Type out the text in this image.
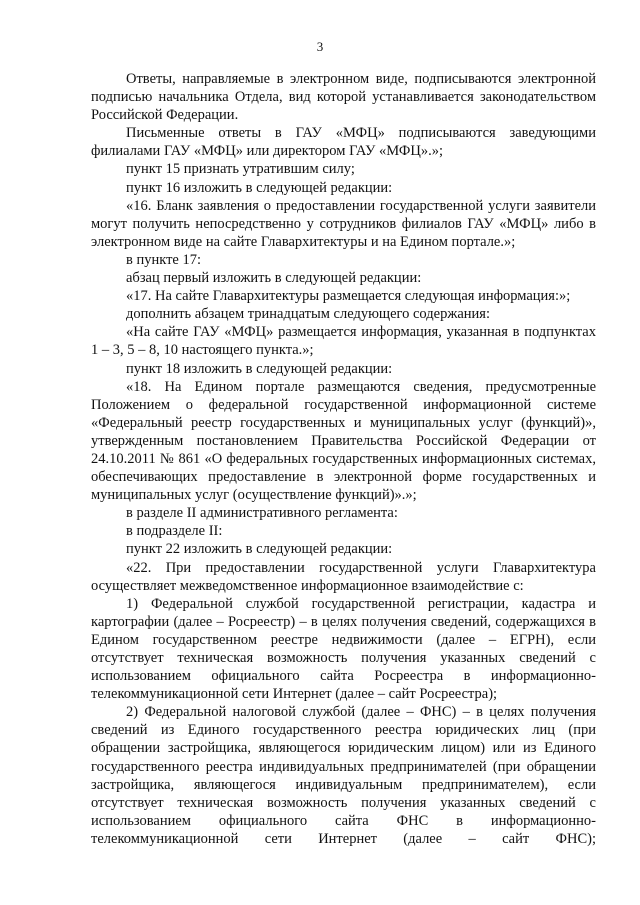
3

Ответы, направляемые в электронном виде, подписываются электронной подписью начальника Отдела, вид которой устанавливается законодательством Российской Федерации.

Письменные ответы в ГАУ «МФЦ» подписываются заведующими филиалами ГАУ «МФЦ» или директором ГАУ «МФЦ».»;

пункт 15 признать утратившим силу;

пункт 16 изложить в следующей редакции:

«16. Бланк заявления о предоставлении государственной услуги заявители могут получить непосредственно у сотрудников филиалов ГАУ «МФЦ» либо в электронном виде на сайте Главархитектуры и на Едином портале.»;

в пункте 17:

абзац первый изложить в следующей редакции:

«17. На сайте Главархитектуры размещается следующая информация:»;

дополнить абзацем тринадцатым следующего содержания:

«На сайте ГАУ «МФЦ» размещается информация, указанная в подпунктах 1 – 3, 5 – 8, 10 настоящего пункта.»;

пункт 18 изложить в следующей редакции:

«18. На Едином портале размещаются сведения, предусмотренные Положением о федеральной государственной информационной системе «Федеральный реестр государственных и муниципальных услуг (функций)», утвержденным постановлением Правительства Российской Федерации от 24.10.2011 № 861 «О федеральных государственных информационных системах, обеспечивающих предоставление в электронной форме государственных и муниципальных услуг (осуществление функций)».»;

в разделе II административного регламента:

в подразделе II:

пункт 22 изложить в следующей редакции:

«22. При предоставлении государственной услуги Главархитектура осуществляет межведомственное информационное взаимодействие с:

1) Федеральной службой государственной регистрации, кадастра и картографии (далее – Росреестр) – в целях получения сведений, содержащихся в Едином государственном реестре недвижимости (далее – ЕГРН), если отсутствует техническая возможность получения указанных сведений с использованием официального сайта Росреестра в информационно-телекоммуникационной сети Интернет (далее – сайт Росреестра);

2) Федеральной налоговой службой (далее – ФНС) – в целях получения сведений из Единого государственного реестра юридических лиц (при обращении застройщика, являющегося юридическим лицом) или из Единого государственного реестра индивидуальных предпринимателей (при обращении застройщика, являющегося индивидуальным предпринимателем), если отсутствует техническая возможность получения указанных сведений с использованием официального сайта ФНС в информационно-телекоммуникационной сети Интернет (далее – сайт ФНС);
